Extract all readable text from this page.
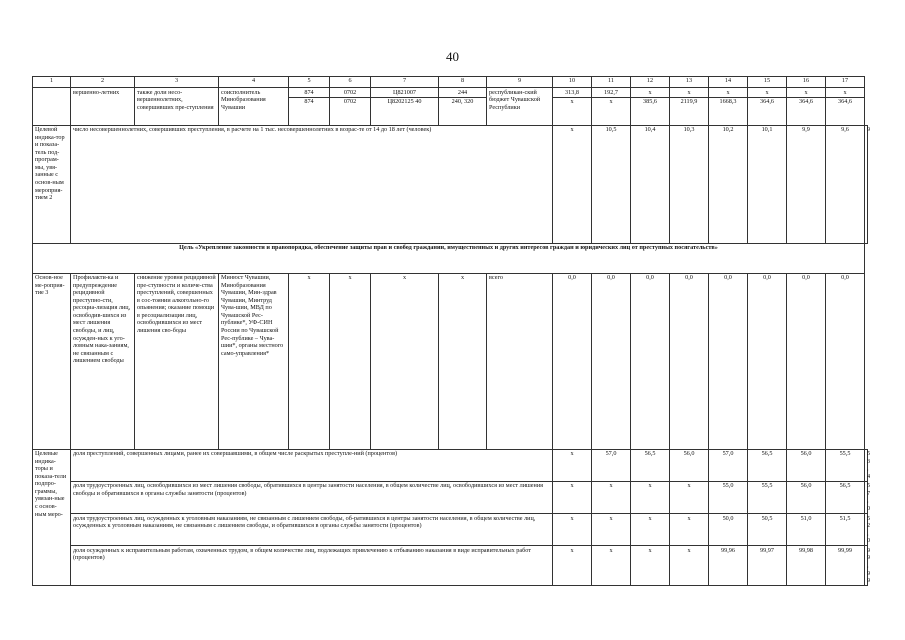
40
1	2	3	4	5	6	7	8	9	10	11	12	13	14	15	16	17	
	вершенно-летних	также доли несо-вершеннолетних, совершивших пре-ступления	соисполнитель Минобразования Чувашии	874	0702	Ц821007	244	республикан-ский бюджет Чувашской Республики	313,8	192,7	x	x	x	x	x	x	
				874	0702	Ц8202125 40	240, 320		x	x	385,6	2119,9	1668,3	364,6	364,6	364,6	
Целевой индика-тор и показа-тель под-програм-мы, увя-занные с основ-ным мероприя-тием 2	число несовершеннолетних, совершивших преступления, в расчете на 1 тыс. несовершеннолетних в возрас-те от 14 до 18 лет (человек)								x	10,5	10,4	10,3	10,2	10,1	9,9	9,6	9
Цель «Укрепление законности и правопорядка, обеспечение защиты прав и свобод гражданин, имущественных и других интересов граждан и юридических лиц от преступных посягательств»																	
Основ-ное ме-роприя-тие 3	Профилакти-ка и предупреждение рецидивной преступно-сти, ресоциа-лизация лиц, освободив-шихся из мест лишения свободы, и лиц, осужден-ных к уго-ловным нака-заниям, не связанным с лишением свободы	снижение уровня рецидивной пре-ступности и количе-ства преступлений, совершенных в сос-тоянии алкогольно-го опьянения; оказание помощи в ресоциализации лиц, освободившихся из мест лишения сво-боды	Минюст Чувашии, Минобразования Чувашии, Мин-здрав Чувашии, Минтруд Чува-шии, МВД по Чувашской Рес-публике*, УФ-СИН России по Чувашской Рес-публике – Чува-шии*, органы местного само-управления*	x	x	x	x	всего	0,0	0,0	0,0	0,0	0,0	0,0	0,0	0,0	
Целевые индика-торы и показа-тели подпро-граммы, увязан-ные с основ-ным меро-	доля преступлений, совершенных лицами, ранее их совершавшими, в общем числе раскрытых преступле-ний (процентов)								x	57,0	56,5	56,0	57,0	56,5	56,0	55,5	53,4
	доля трудоустроенных лиц, освободившихся из мест лишения свободы, обратившихся в центры занятости населения, в общем количестве лиц, освободившихся из мест лишения свободы и обратившихся в органы службы занятости (процентов)								x	x	x	x	55,0	55,5	56,0	56,5	57,0
	доля трудоустроенных лиц, осужденных к уголовным наказаниям, не связанным с лишением свободы, об-ратившихся в центры занятости населения, в общем количестве лиц, осужденных к уголовным наказаниям, не связанным с лишением свободы, и обратившихся в органы службы занятости (процентов)								x	x	x	x	50,0	50,5	51,0	51,5	52,0
	доля осужденных к исправительным работам, охваченных трудом, в общем количестве лиц, подлежащих привлечению к отбыванию наказания в виде исправительных работ (процентов)								x	x	x	x	99,96	99,97	99,98	99,99	99,99
